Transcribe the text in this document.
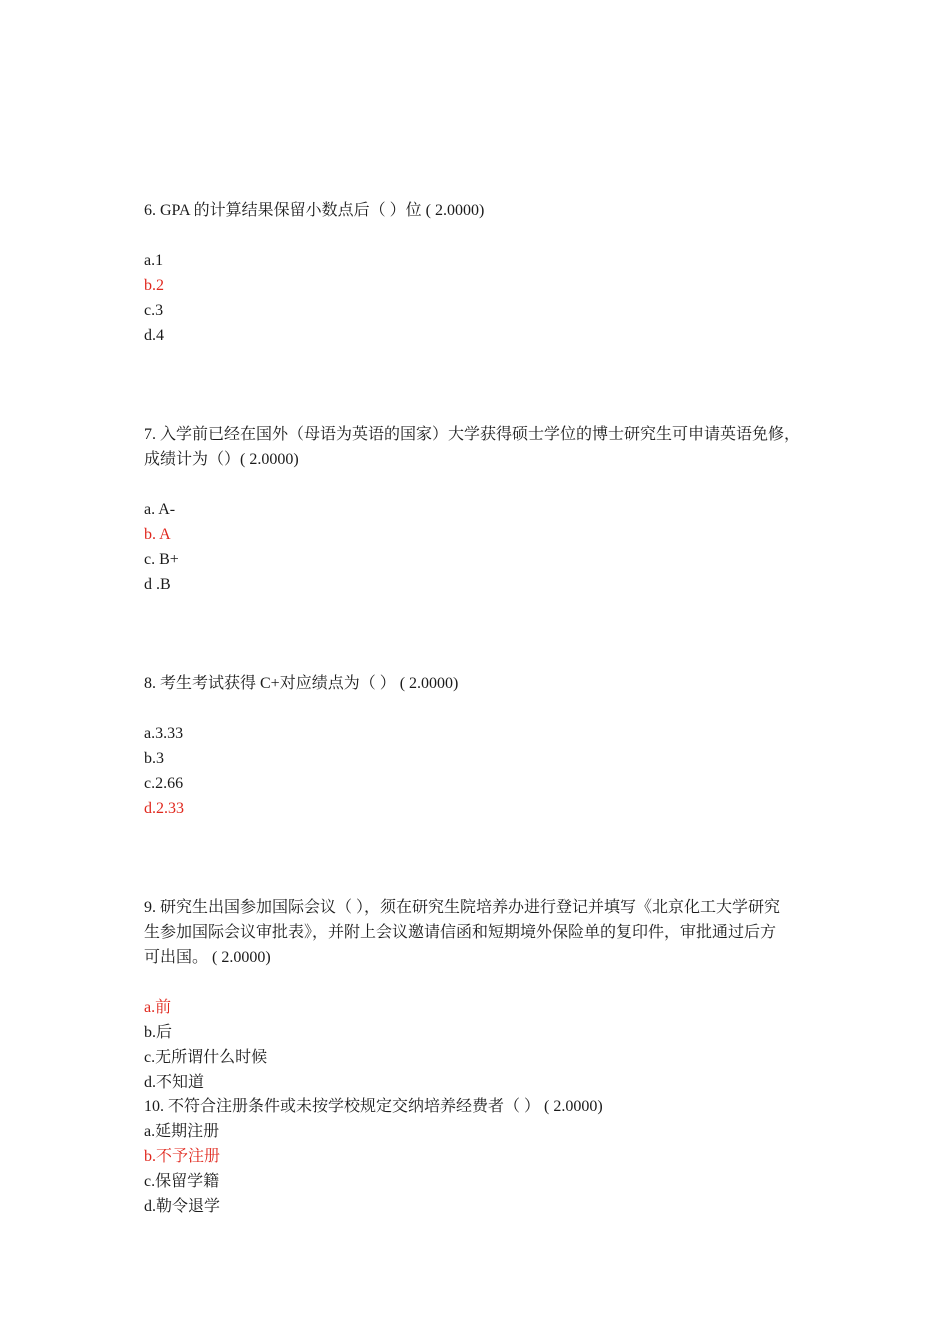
6. GPA 的计算结果保留小数点后（ ）位 ( 2.0000)
a.1
b.2
c.3
d.4
7. 入学前已经在国外（母语为英语的国家）大学获得硕士学位的博士研究生可申请英语免修，
成绩计为（）( 2.0000)
a. A-
b. A
c. B+
d .B
8. 考生考试获得 C+对应绩点为（ ） ( 2.0000)
a.3.33
b.3
c.2.66
d.2.33
9. 研究生出国参加国际会议（ ），须在研究生院培养办进行登记并填写《北京化工大学研究
生参加国际会议审批表》，并附上会议邀请信函和短期境外保险单的复印件，审批通过后方
可出国。 ( 2.0000)
a.前
b.后
c.无所谓什么时候
d.不知道
10. 不符合注册条件或未按学校规定交纳培养经费者（ ） ( 2.0000)
a.延期注册
b.不予注册
c.保留学籍
d.勒令退学
